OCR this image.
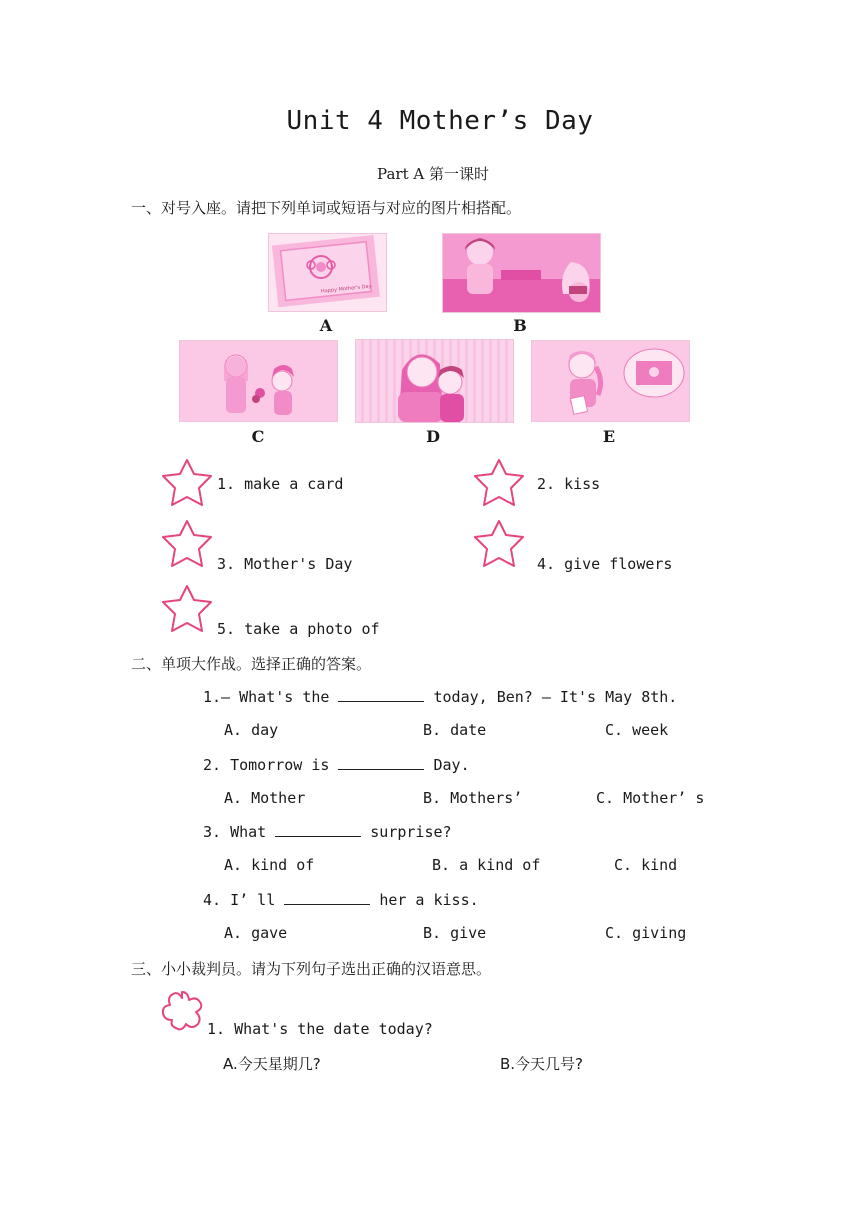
Unit 4 Mother’s Day
Part A 第一课时
一、对号入座。请把下列单词或短语与对应的图片相搭配。
Happy Mother's Day
A	B
C	D	E
1. make a card	2. kiss
3. Mother's Day	4. give flowers
5. take a photo of
二、单项大作战。选择正确的答案。
1.— What's the	today, Ben? — It's May 8th.
A. day	B. date	C. week
2. Tomorrow is	Day.
A. Mother	B. Mothers’	C. Mother’ s
3. What	surprise?
A. kind of	B. a kind of	C. kind
4. I’ ll	her a kiss.
A. gave	B. give	C. giving
三、小小裁判员。请为下列句子选出正确的汉语意思。
1. What's the date today?
A.今天星期几?	B.今天几号?
